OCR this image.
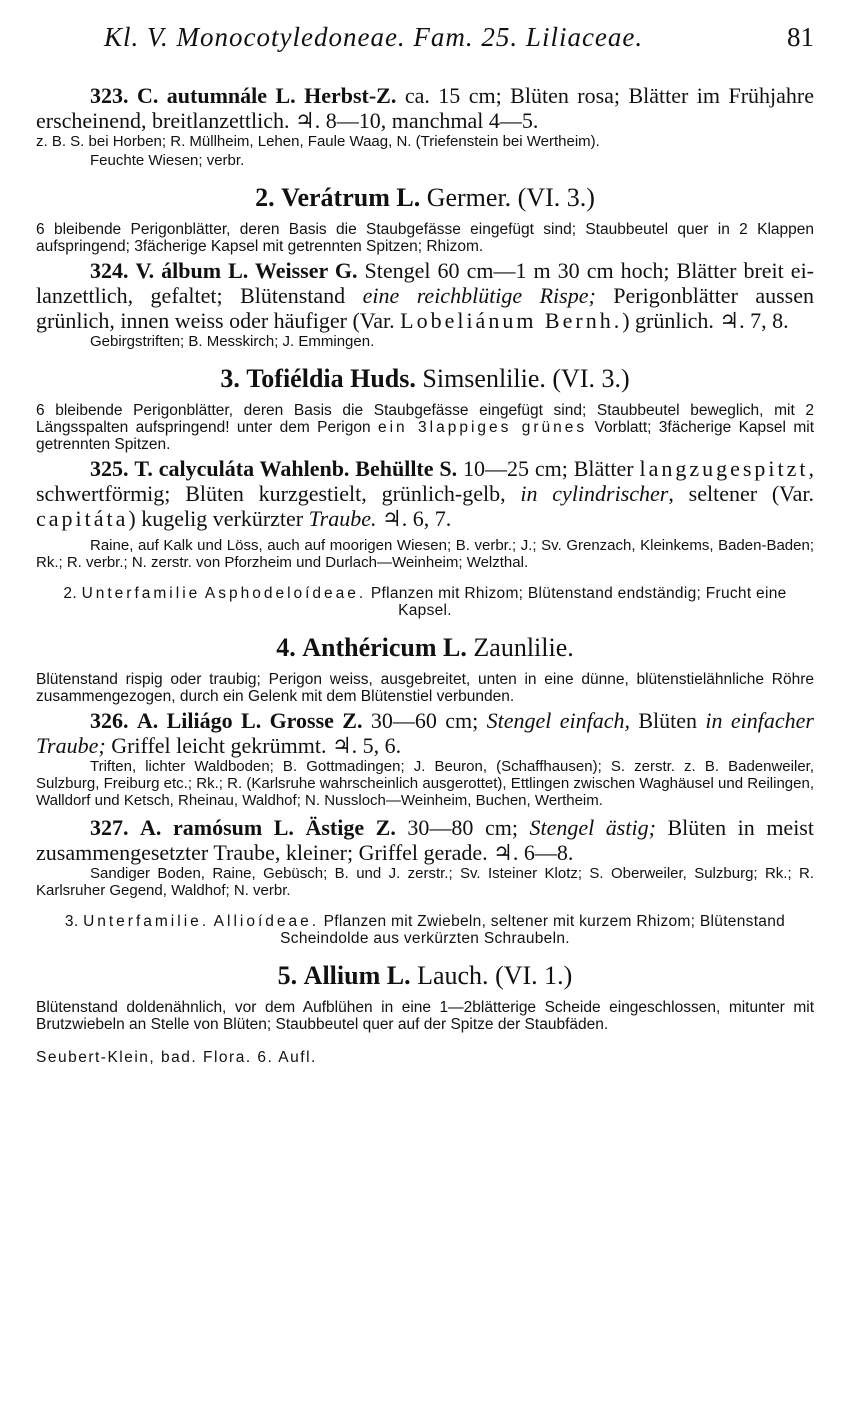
Kl. V. Monocotyledoneae. Fam. 25. Liliaceae.	81

323. C. autumnále L. Herbst-Z. ca. 15 cm; Blüten rosa; Blätter im Frühjahre erscheinend, breitlanzettlich. ♃. 8—10, manchmal 4—5.

z. B. S. bei Horben; R. Müllheim, Lehen, Faule Waag, N. (Triefenstein bei Wertheim).

Feuchte Wiesen; verbr.

2. Verátrum L. Germer. (VI. 3.)

6 bleibende Perigonblätter, deren Basis die Staubgefässe eingefügt sind; Staubbeutel quer in 2 Klappen aufspringend; 3fächerige Kapsel mit getrennten Spitzen; Rhizom.

324. V. álbum L. Weisser G. Stengel 60 cm—1 m 30 cm hoch; Blätter breit ei-lanzettlich, gefaltet; Blütenstand eine reichblütige Rispe; Perigonblätter aussen grünlich, innen weiss oder häufiger (Var. Lobeliánum Bernh.) grünlich. ♃. 7, 8.

Gebirgstriften; B. Messkirch; J. Emmingen.

3. Tofiéldia Huds. Simsenlilie. (VI. 3.)

6 bleibende Perigonblätter, deren Basis die Staubgefässe eingefügt sind; Staubbeutel beweglich, mit 2 Längsspalten aufspringend! unter dem Perigon ein 3lappiges grünes Vorblatt; 3fächerige Kapsel mit getrennten Spitzen.

325. T. calyculáta Wahlenb. Behüllte S. 10—25 cm; Blätter langzugespitzt, schwertförmig; Blüten kurzgestielt, grünlich-gelb, in cylindrischer, seltener (Var. capitáta) kugelig verkürzter Traube. ♃. 6, 7.

Raine, auf Kalk und Löss, auch auf moorigen Wiesen; B. verbr.; J.; Sv. Grenzach, Kleinkems, Baden-Baden; Rk.; R. verbr.; N. zerstr. von Pforzheim und Durlach—Weinheim; Welzthal.

2. Unterfamilie Asphodeloídeae. Pflanzen mit Rhizom; Blütenstand endständig; Frucht eine Kapsel.
4. Anthéricum L. Zaunlilie.

Blütenstand rispig oder traubig; Perigon weiss, ausgebreitet, unten in eine dünne, blütenstielähnliche Röhre zusammengezogen, durch ein Gelenk mit dem Blütenstiel verbunden.

326. A. Liliágo L. Grosse Z. 30—60 cm; Stengel einfach, Blüten in einfacher Traube; Griffel leicht gekrümmt. ♃. 5, 6.

Triften, lichter Waldboden; B. Gottmadingen; J. Beuron, (Schaffhausen); S. zerstr. z. B. Badenweiler, Sulzburg, Freiburg etc.; Rk.; R. (Karlsruhe wahrscheinlich ausgerottet), Ettlingen zwischen Waghäusel und Reilingen, Walldorf und Ketsch, Rheinau, Waldhof; N. Nussloch—Weinheim, Buchen, Wertheim.

327. A. ramósum L. Ästige Z. 30—80 cm; Stengel ästig; Blüten in meist zusammengesetzter Traube, kleiner; Griffel gerade. ♃. 6—8.

Sandiger Boden, Raine, Gebüsch; B. und J. zerstr.; Sv. Isteiner Klotz; S. Oberweiler, Sulzburg; Rk.; R. Karlsruher Gegend, Waldhof; N. verbr.

3. Unterfamilie. Allioídeae. Pflanzen mit Zwiebeln, seltener mit kurzem Rhizom; Blütenstand Scheindolde aus verkürzten Schraubeln.
5. Allium L. Lauch. (VI. 1.)

Blütenstand doldenähnlich, vor dem Aufblühen in eine 1—2blätterige Scheide eingeschlossen, mitunter mit Brutzwiebeln an Stelle von Blüten; Staubbeutel quer auf der Spitze der Staubfäden.

Seubert-Klein, bad. Flora. 6. Aufl.
